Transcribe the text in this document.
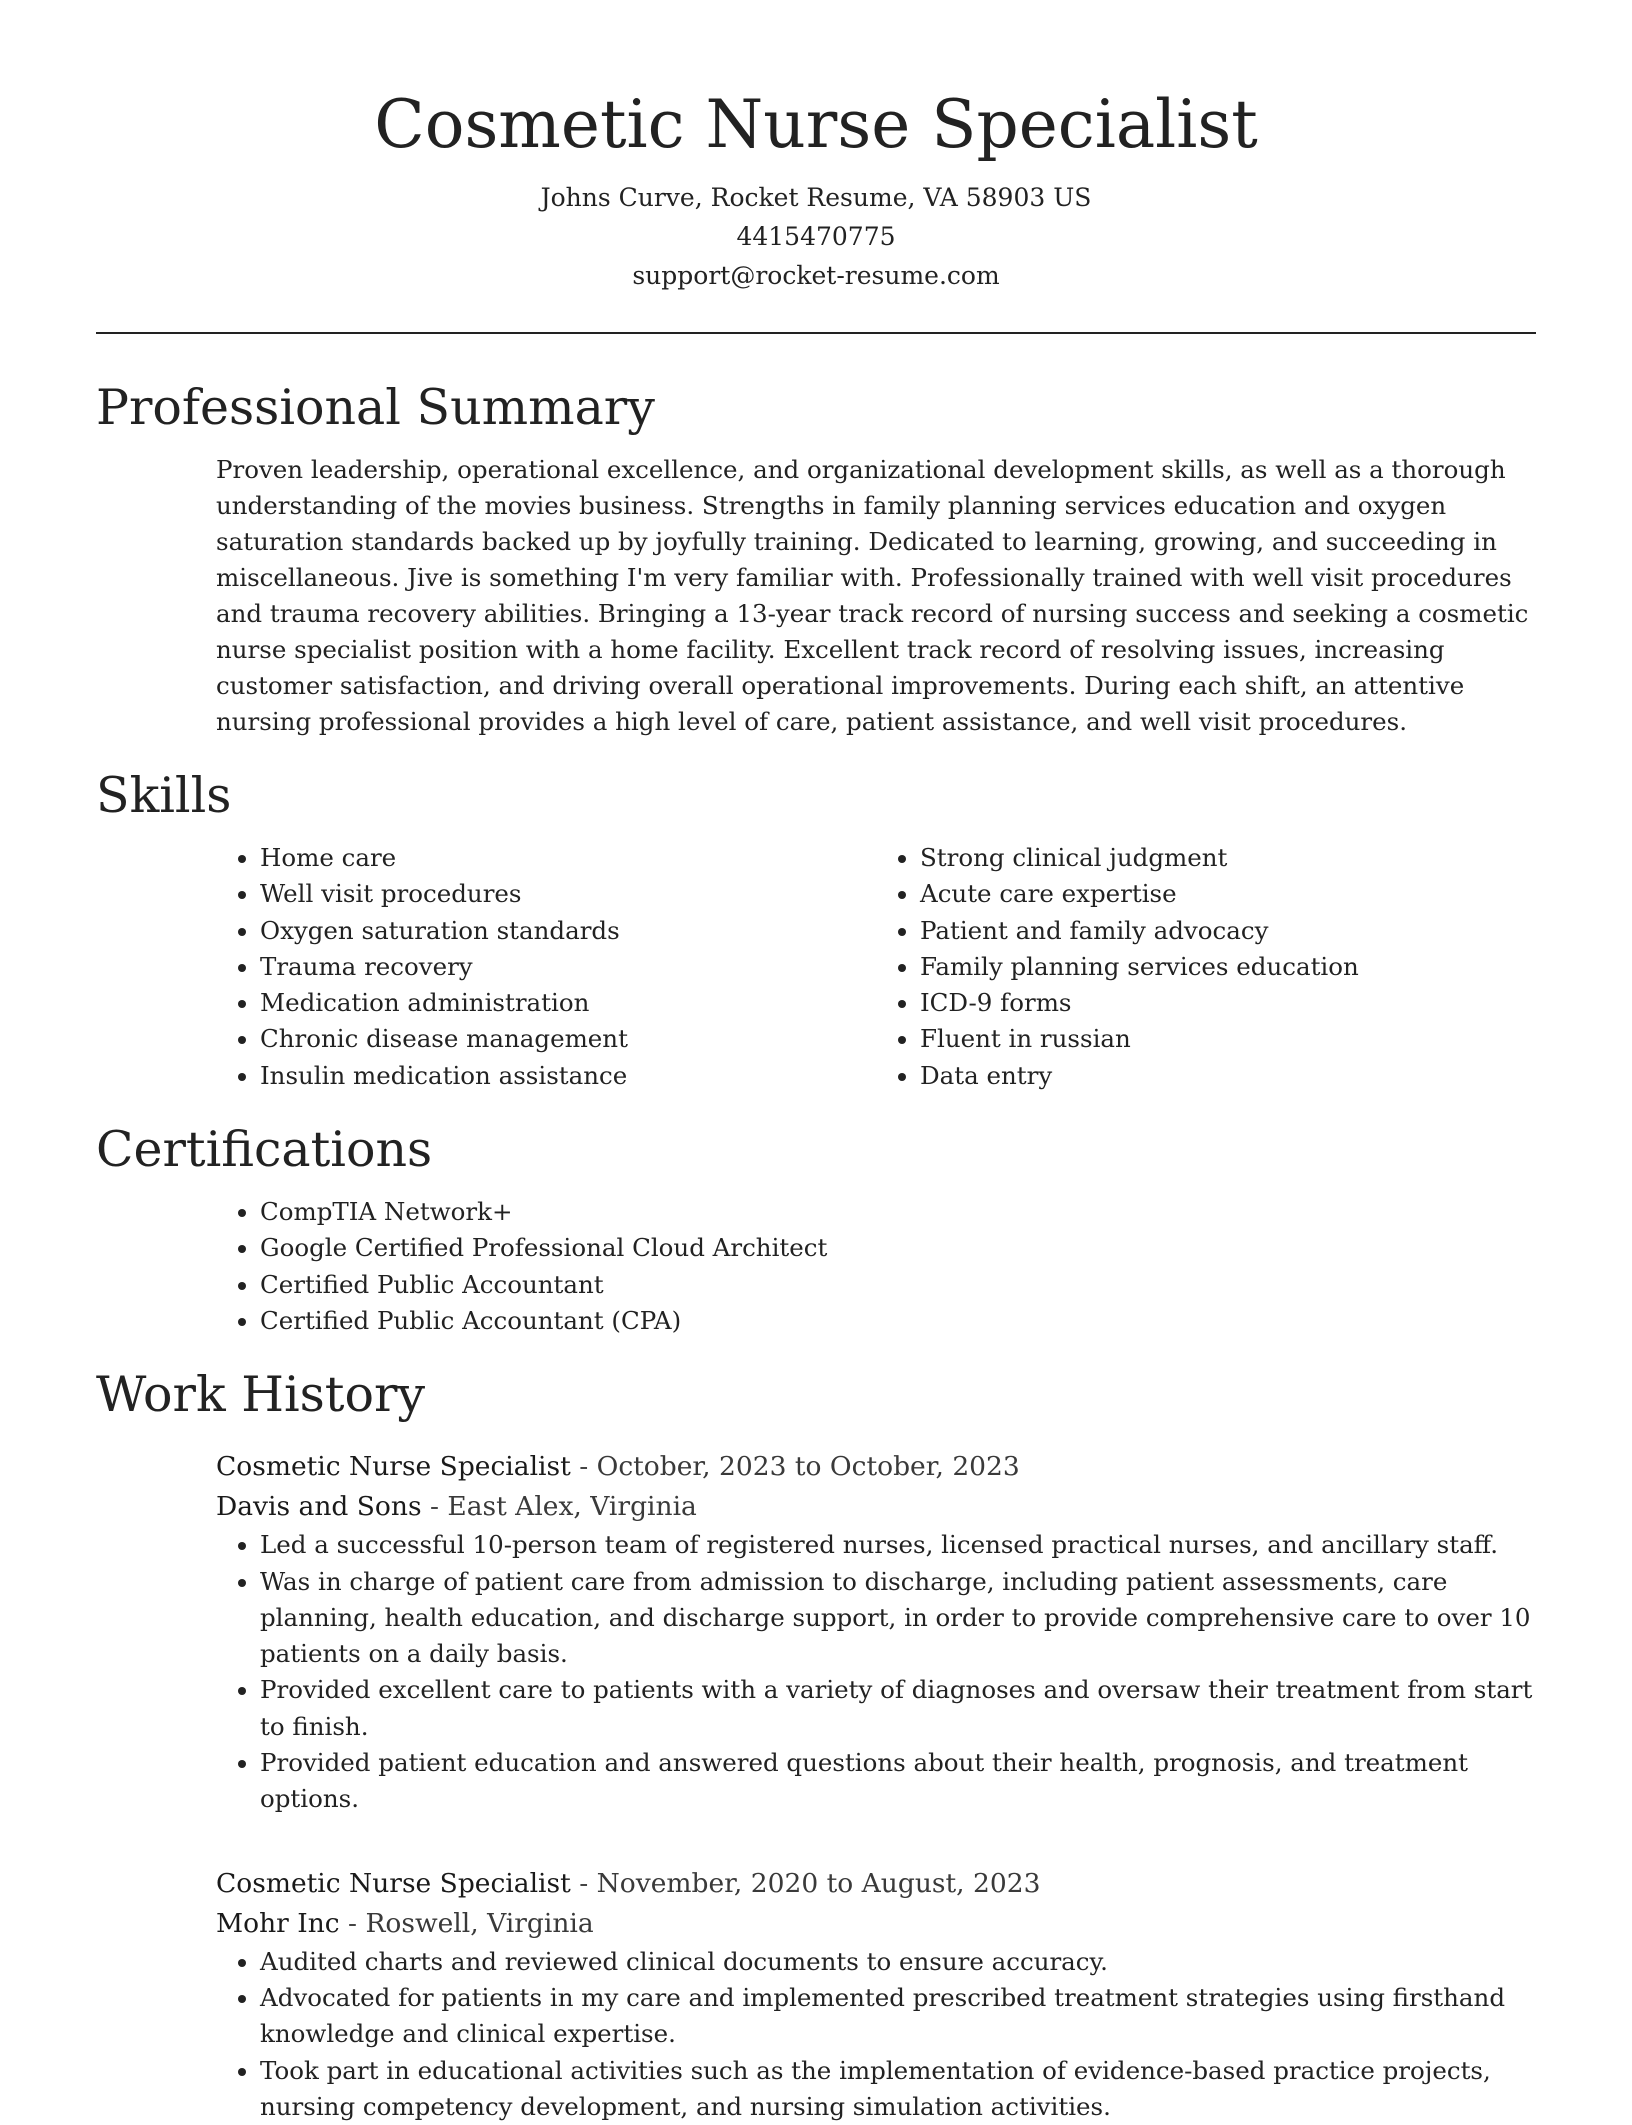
Cosmetic Nurse Specialist
Johns Curve, Rocket Resume, VA 58903 US
4415470775
support@rocket-resume.com
Professional Summary
Proven leadership, operational excellence, and organizational development skills, as well as a thorough understanding of the movies business. Strengths in family planning services education and oxygen saturation standards backed up by joyfully training. Dedicated to learning, growing, and succeeding in miscellaneous. Jive is something I'm very familiar with. Professionally trained with well visit procedures and trauma recovery abilities. Bringing a 13-year track record of nursing success and seeking a cosmetic nurse specialist position with a home facility. Excellent track record of resolving issues, increasing customer satisfaction, and driving overall operational improvements. During each shift, an attentive nursing professional provides a high level of care, patient assistance, and well visit procedures.
Skills
• Home care
• Well visit procedures
• Oxygen saturation standards
• Trauma recovery
• Medication administration
• Chronic disease management
• Insulin medication assistance
• Strong clinical judgment
• Acute care expertise
• Patient and family advocacy
• Family planning services education
• ICD-9 forms
• Fluent in russian
• Data entry
Certifications
• CompTIA Network+
• Google Certified Professional Cloud Architect
• Certified Public Accountant
• Certified Public Accountant (CPA)
Work History
Cosmetic Nurse Specialist - October, 2023 to October, 2023
Davis and Sons - East Alex, Virginia
• Led a successful 10-person team of registered nurses, licensed practical nurses, and ancillary staff.
• Was in charge of patient care from admission to discharge, including patient assessments, care planning, health education, and discharge support, in order to provide comprehensive care to over 10 patients on a daily basis.
• Provided excellent care to patients with a variety of diagnoses and oversaw their treatment from start to finish.
• Provided patient education and answered questions about their health, prognosis, and treatment options.
Cosmetic Nurse Specialist - November, 2020 to August, 2023
Mohr Inc - Roswell, Virginia
• Audited charts and reviewed clinical documents to ensure accuracy.
• Advocated for patients in my care and implemented prescribed treatment strategies using firsthand knowledge and clinical expertise.
• Took part in educational activities such as the implementation of evidence-based practice projects, nursing competency development, and nursing simulation activities.
